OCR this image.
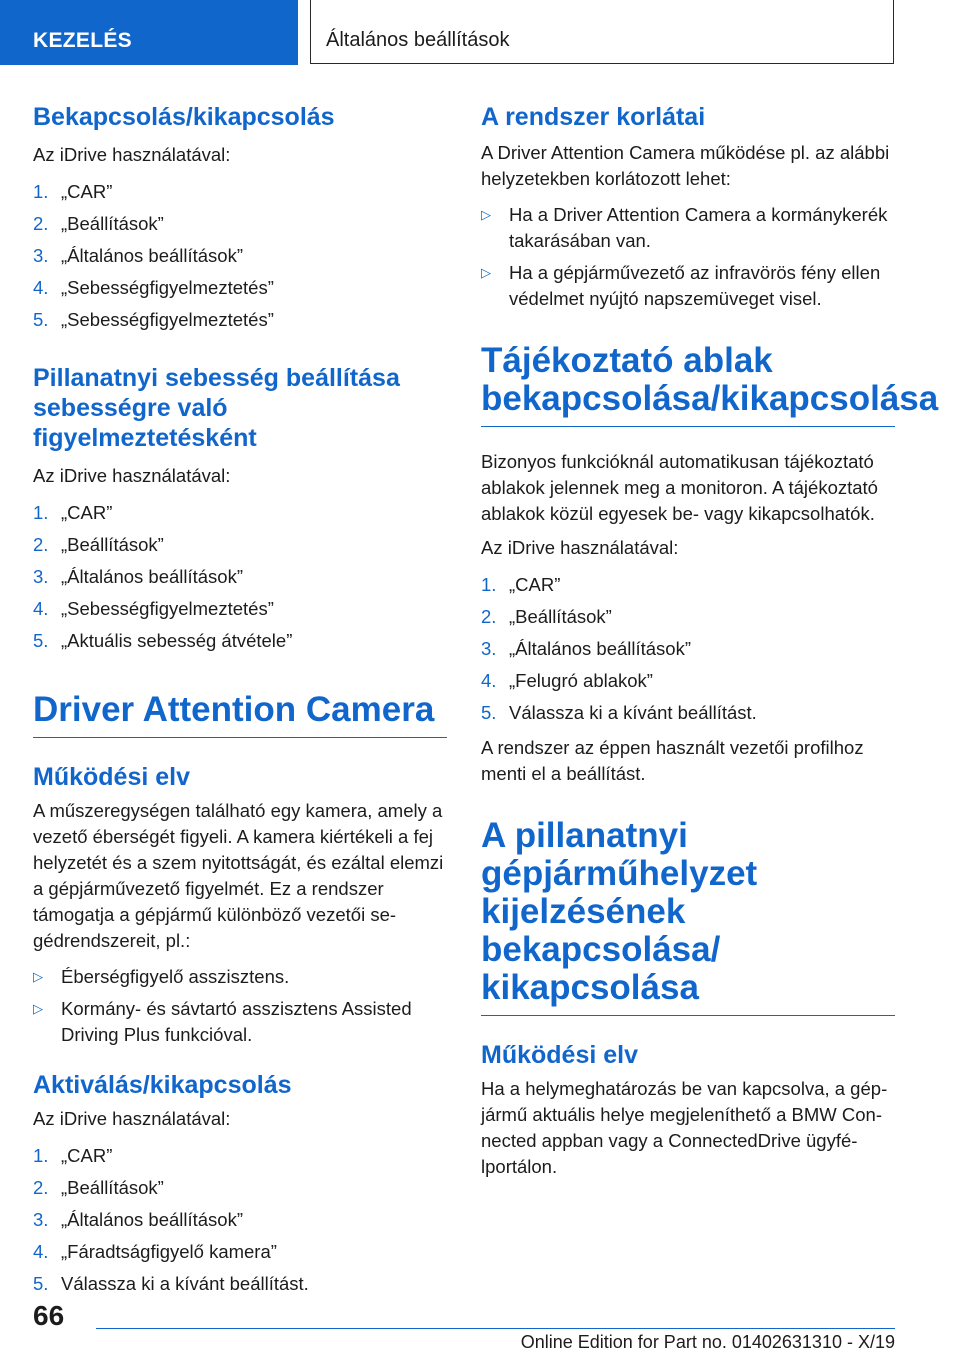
KEZELÉS	Általános beállítások
Bekapcsolás/kikapcsolás

Az iDrive használatával:

1. „CAR”
2. „Beállítások”
3. „Általános beállítások”
4. „Sebességfigyelmeztetés”
5. „Sebességfigyelmeztetés”
Pillanatnyi sebesség beállítása sebességre való figyelmeztetésként

Az iDrive használatával:

1. „CAR”
2. „Beállítások”
3. „Általános beállítások”
4. „Sebességfigyelmeztetés”
5. „Aktuális sebesség átvétele”
Driver Attention Camera
Működési elv

A műszeregységen található egy kamera, amely a vezető éberségét figyeli. A kamera kiértékeli a fej helyzetét és a szem nyitottságát, és ezáltal elemzi a gépjárművezető figyelmét. Ez a rendszer támogatja a gépjármű különböző vezetői segédrendszereit, pl.:

▷ Éberségfigyelő asszisztens.
▷ Kormány- és sávtartó asszisztens Assisted Driving Plus funkcióval.
Aktiválás/kikapcsolás

Az iDrive használatával:

1. „CAR”
2. „Beállítások”
3. „Általános beállítások”
4. „Fáradtságfigyelő kamera”
5. Válassza ki a kívánt beállítást.
A rendszer korlátai

A Driver Attention Camera működése pl. az alábbi helyzetekben korlátozott lehet:

▷ Ha a Driver Attention Camera a kormánykerék takarásában van.
▷ Ha a gépjárművezető az infravörös fény ellen védelmet nyújtó napszemüveget visel.
Tájékoztató ablak bekapcsolása/kikapcsolása

Bizonyos funkcióknál automatikusan tájékoztató ablakok jelennek meg a monitoron. A tájékoztató ablakok közül egyesek be- vagy kikapcsolhatók.

Az iDrive használatával:

1. „CAR”
2. „Beállítások”
3. „Általános beállítások”
4. „Felugró ablakok”
5. Válassza ki a kívánt beállítást.

A rendszer az éppen használt vezetői profilhoz menti el a beállítást.

A pillanatnyi gépjárműhelyzet kijelzésének bekapcsolása/ kikapcsolása
Működési elv

Ha a helymeghatározás be van kapcsolva, a gépjármű aktuális helye megjeleníthető a BMW Connected appban vagy a ConnectedDrive ügyfélportálon.

66
Online Edition for Part no. 01402631310 - X/19
